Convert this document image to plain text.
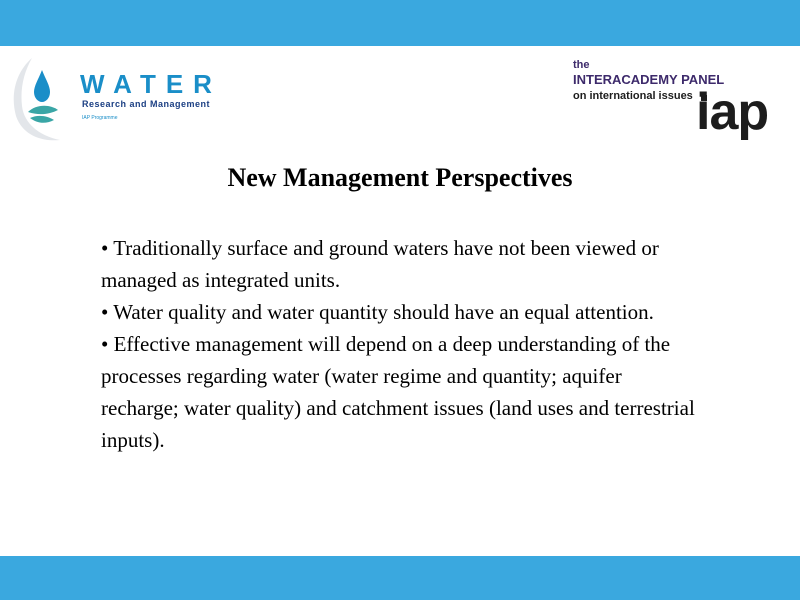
WATER
Research and Management
IAP Programme
the
INTERACADEMY PANEL
on international issues iap
New Management Perspectives
• Traditionally surface and ground waters have not been viewed or managed as integrated units.
• Water quality and water quantity should have an equal attention.
• Effective management will depend on a deep understanding of the processes regarding water (water regime and quantity; aquifer recharge; water quality) and catchment issues (land uses and terrestrial inputs).
